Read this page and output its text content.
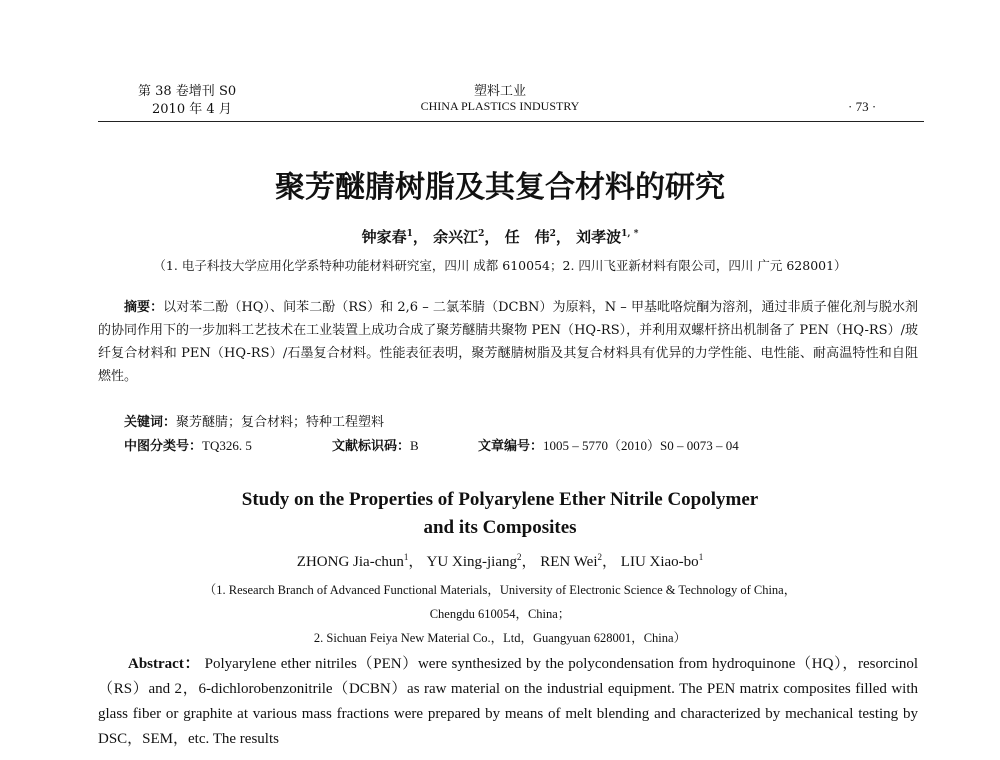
第 38 卷增刊 S0
2010 年 4 月
塑料工业
CHINA PLASTICS INDUSTRY	· 73 ·
聚芳醚腈树脂及其复合材料的研究
钟家春$^1$， 余兴江$^2$， 任　伟$^2$， 刘孝波$^{1, *}$
（1. 电子科技大学应用化学系特种功能材料研究室，四川 成都 610054；2. 四川飞亚新材料有限公司，四川 广元 628001）
摘要：以对苯二酚（HQ）、间苯二酚（RS）和 2,6 – 二氯苯腈（DCBN）为原料，N – 甲基吡咯烷酮为溶剂，通过非质子催化剂与脱水剂的协同作用下的一步加料工艺技术在工业装置上成功合成了聚芳醚腈共聚物 PEN（HQ-RS），并利用双螺杆挤出机制备了 PEN（HQ-RS）/玻纤复合材料和 PEN（HQ-RS）/石墨复合材料。性能表征表明，聚芳醚腈树脂及其复合材料具有优异的力学性能、电性能、耐高温特性和自阻燃性。
关键词：聚芳醚腈；复合材料；特种工程塑料
中图分类号：TQ326. 5	文献标识码：B	文章编号：1005 – 5770（2010）S0 – 0073 – 04
Study on the Properties of Polyarylene Ether Nitrile Copolymer
and its Composites
ZHONG Jia-chun$^1$， YU Xing-jiang$^2$， REN Wei$^2$， LIU Xiao-$bo^1$
（1. Research Branch of Advanced Functional Materials，University of Electronic Science & Technology of China，
Chengdu 610054，China；
2. Sichuan Feiya New Material Co.，Ltd，Guangyuan 628001，China）
Abstract： Polyarylene ether nitriles（PEN）were synthesized by the polycondensation from hydroquinone（HQ），resorcinol（RS）and 2，6-dichlorobenzonitrile（DCBN）as raw material on the industrial equipment. The PEN matrix composites filled with glass fiber or graphite at various mass fractions were prepared by means of melt blending and characterized by mechanical testing by DSC，SEM，etc. The results
